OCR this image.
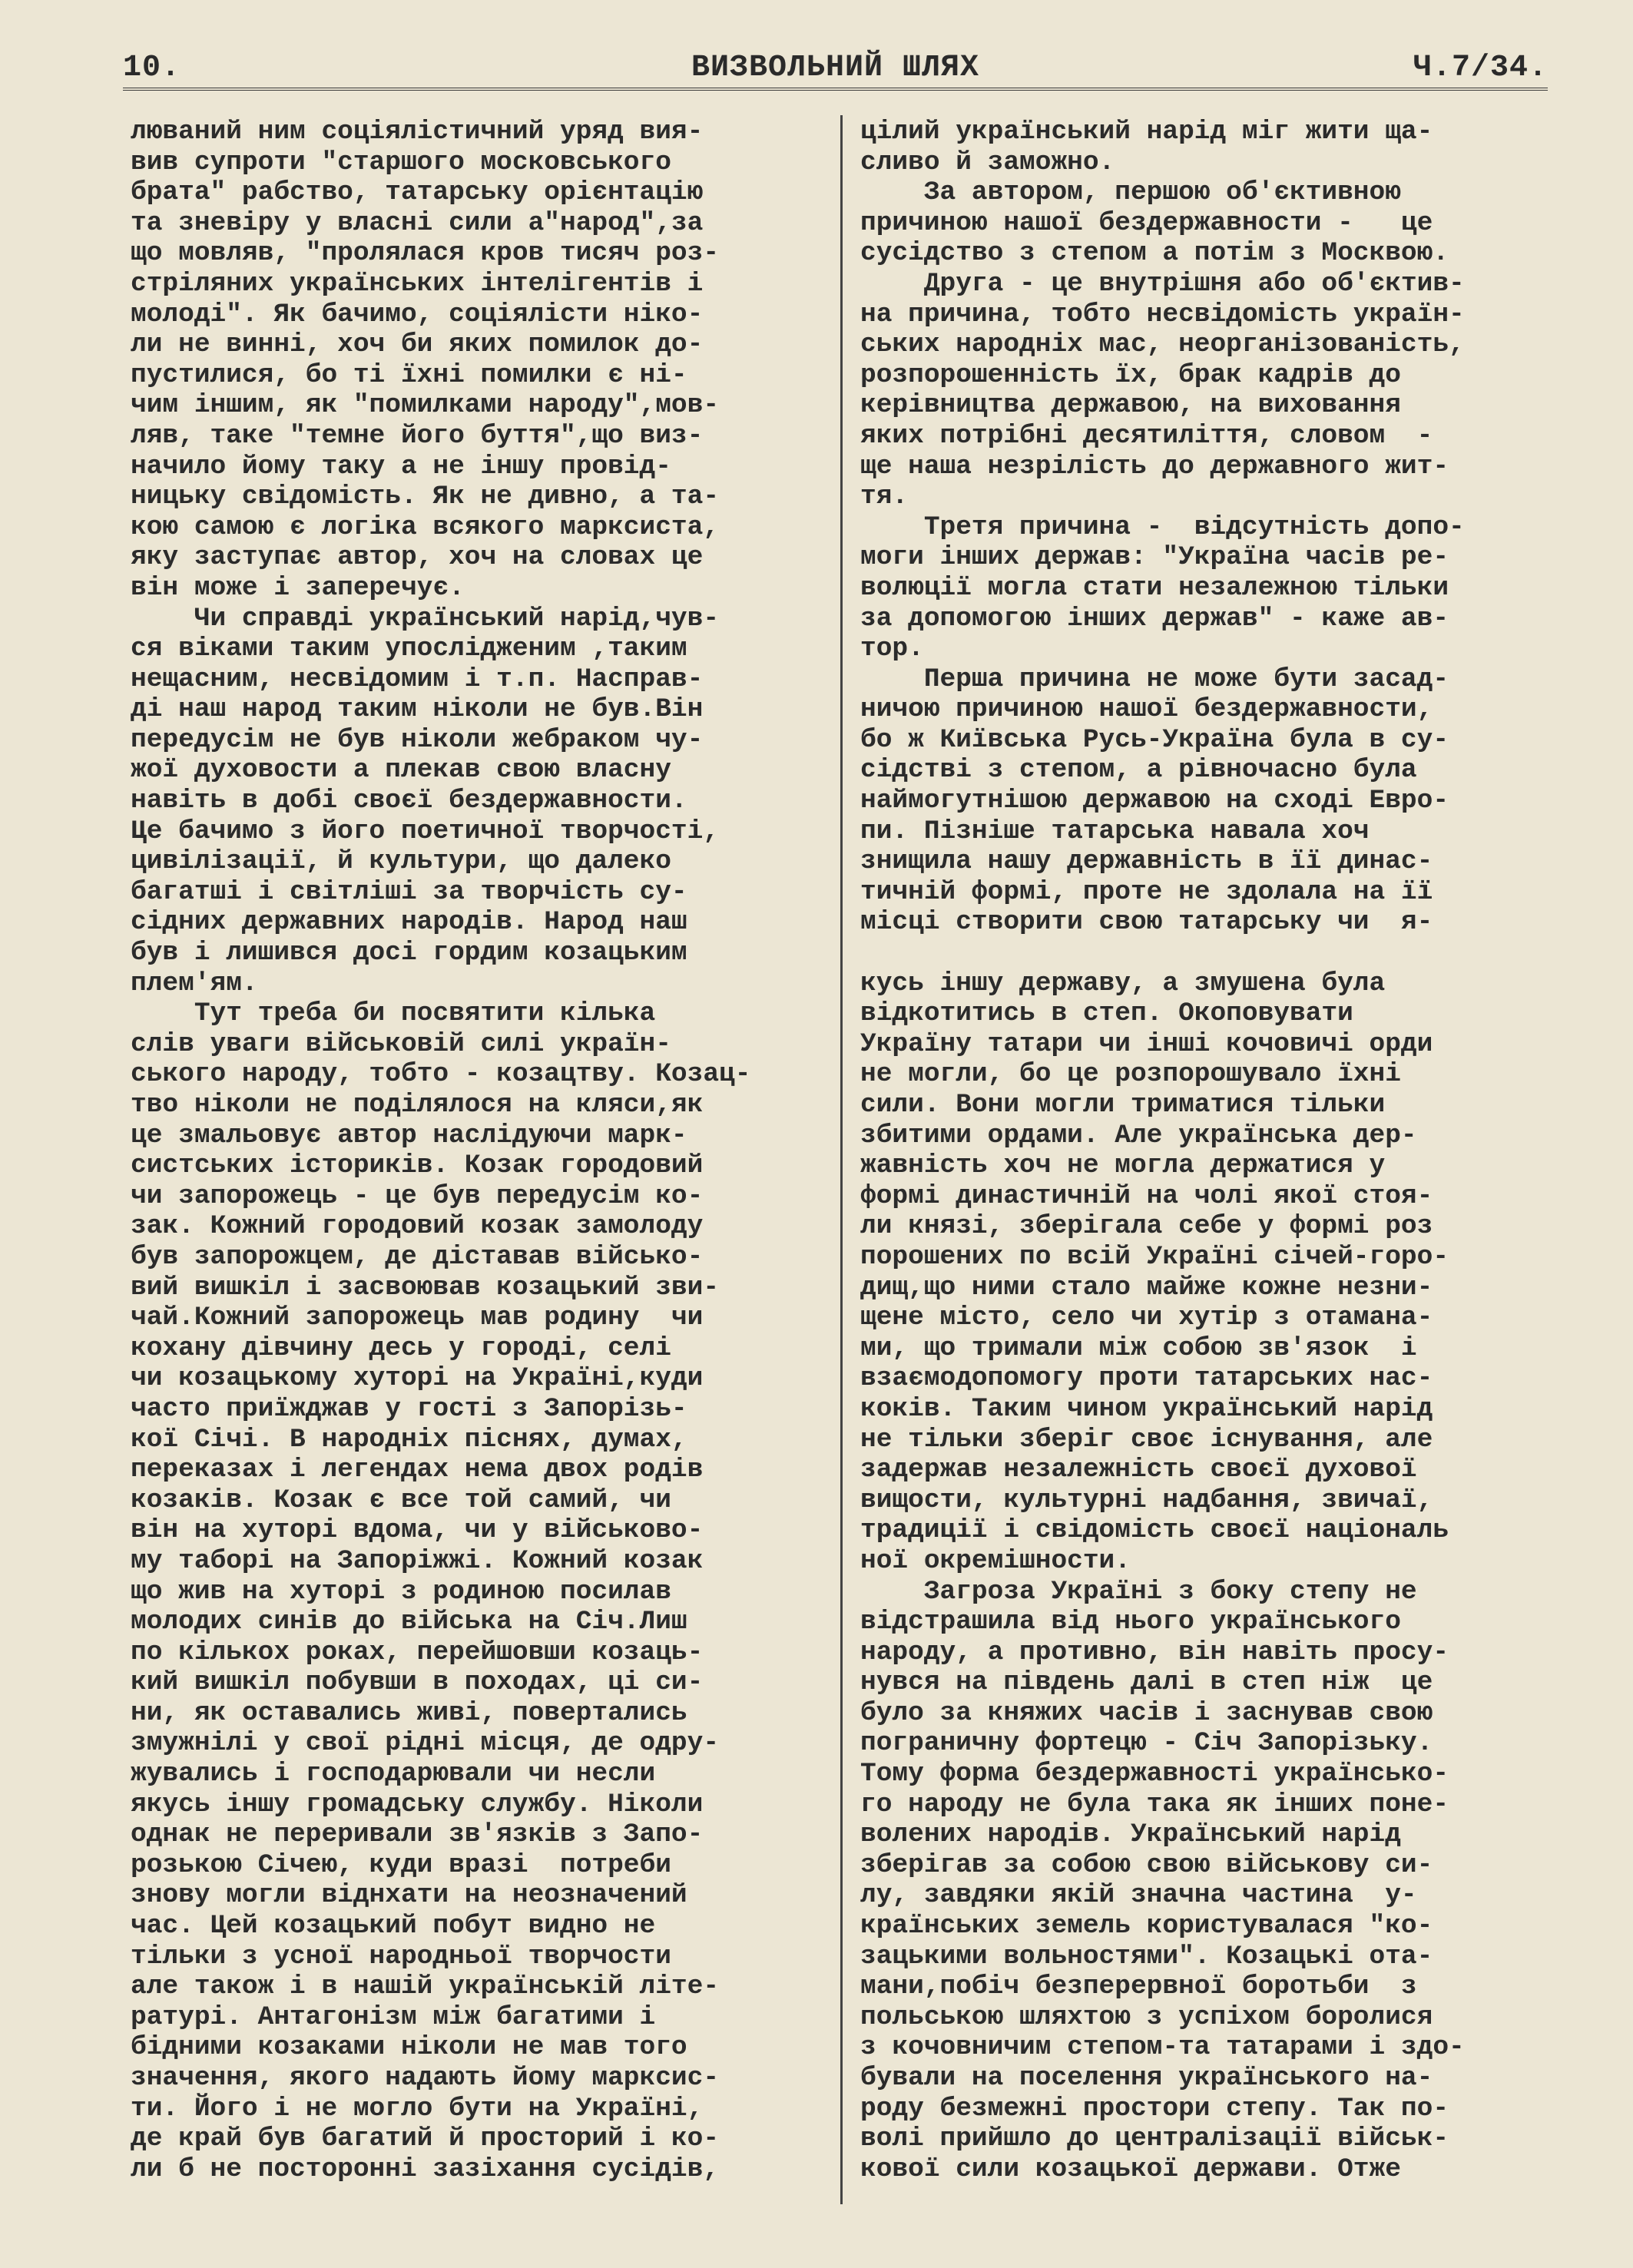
10.	ВИЗВОЛЬНИЙ ШЛЯХ	Ч.7/34.
люваний ним соціялістичний уряд вия-
вив супроти "старшого московського
брата" рабство, татарську орієнтацію
та зневіру у власні сили а"народ",за
що мовляв, "пролялася кров тисяч роз-
стріляних українських інтелігентів і
молоді". Як бачимо, соціялісти ніко-
ли не винні, хоч би яких помилок до-
пустилися, бо ті їхні помилки є ні-
чим іншим, як "помилками народу",мов-
ляв, таке "темне його буття",що виз-
начило йому таку а не іншу провід-
ницьку свідомість. Як не дивно, а та-
кою самою є логіка всякого марксиста,
яку заступає автор, хоч на словах це
він може і заперечує.
Чи справді український нарід,чув-
ся віками таким упослідженим ,таким
нещасним, несвідомим і т.п. Насправ-
ді наш народ таким ніколи не був.Він
передусім не був ніколи жебраком чу-
жої духовости а плекав свою власну
навіть в добі своєї бездержавности.
Це бачимо з його поетичної творчості,
цивілізації, й культури, що далеко
багатші і світліші за творчість су-
сідних державних народів. Народ наш
був і лишився досі гордим козацьким
плем'ям.
Тут треба би посвятити кілька
слів уваги військовій силі україн-
ського народу, тобто - козацтву. Козац-
тво ніколи не поділялося на кляси,як
це змальовує автор наслідуючи марк-
систських істориків. Козак городовий
чи запорожець - це був передусім ко-
зак. Кожний городовий козак замолоду
був запорожцем, де діставав військо-
вий вишкіл і засвоював козацький зви-
чай.Кожний запорожець мав родину  чи
кохану дівчину десь у городі, селі
чи козацькому хуторі на Україні,куди
часто приїжджав у гості з Запорізь-
кої Січі. В народніх піснях, думах,
переказах і легендах нема двох родів
козаків. Козак є все той самий, чи
він на хуторі вдома, чи у військово-
му таборі на Запоріжжі. Кожний козак
що жив на хуторі з родиною посилав
молодих синів до війська на Січ.Лиш
по кількох роках, перейшовши козаць-
кий вишкіл побувши в походах, ці си-
ни, як оставались живі, повертались
змужнілі у свої рідні місця, де одру-
жувались і господарювали чи несли
якусь іншу громадську службу. Ніколи
однак не переривали зв'язків з Запо-
розькою Січею, куди вразі  потреби
знову могли віднхати на неозначений
час. Цей козацький побут видно не
тільки з усної народньої творчости
але також і в нашій українській літе-
ратурі. Антагонізм між багатими і
бідними козаками ніколи не мав того
значення, якого надають йому марксис-
ти. Його і не могло бути на Україні,
де край був багатий й просторий і ко-
ли б не посторонні зазіхання сусідів,
цілий український нарід міг жити ща-
сливо й заможно.
За автором, першою об'єктивною
причиною нашої бездержавности -   це
сусідство з степом а потім з Москвою.
Друга - це внутрішня або об'єктив-
на причина, тобто несвідомість україн-
ських народніх мас, неорганізованість,
розпорошенність їх, брак кадрів до
керівництва державою, на виховання
яких потрібні десятиліття, словом  -
ще наша незрілість до державного жит-
тя.
Третя причина -  відсутність допо-
моги інших держав: "Україна часів ре-
волюції могла стати незалежною тільки
за допомогою інших держав" - каже ав-
тор.
Перша причина не може бути засад-
ничою причиною нашої бездержавности,
бо ж Київська Русь-Україна була в су-
сідстві з степом, а рівночасно була
наймогутнішою державою на сході Евро-
пи. Пізніше татарська навала хоч
знищила нашу державність в її динас-
тичній формі, проте не здолала на її
місці створити свою татарську чи  я-

кусь іншу державу, а змушена була
відкотитись в степ. Окоповувати
Україну татари чи інші кочовичі орди
не могли, бо це розпорошувало їхні
сили. Вони могли триматися тільки
збитими ордами. Але українська дер-
жавність хоч не могла держатися у
формі династичній на чолі якої стоя-
ли князі, зберігала себе у формі роз
порошених по всій Україні січей-горо-
дищ,що ними стало майже кожне незни-
щене місто, село чи хутір з отамана-
ми, що тримали між собою зв'язок  і
взаємодопомогу проти татарських нас-
коків. Таким чином український нарід
не тільки зберіг своє існування, але
задержав незалежність своєї духової
вищости, культурні надбання, звичаї,
традиції і свідомість своєї національ
ної окремішности.
Загроза Україні з боку степу не
відстрашила від нього українського
народу, а противно, він навіть просу-
нувся на південь далі в степ ніж  це
було за княжих часів і заснував свою
пограничну фортецю - Січ Запорізьку.
Тому форма бездержавності українсько-
го народу не була така як інших поне-
волених народів. Український нарід
зберігав за собою свою військову си-
лу, завдяки якій значна частина  у-
країнських земель користувалася "ко-
зацькими вольностями". Козацькі ота-
мани,побіч безперервної боротьби  з
польською шляхтою з успіхом боролися
з кочовничим степом-та татарами і здо-
бували на поселення українського на-
роду безмежні простори степу. Так по-
волі прийшло до централізації військ-
кової сили козацької держави. Отже
